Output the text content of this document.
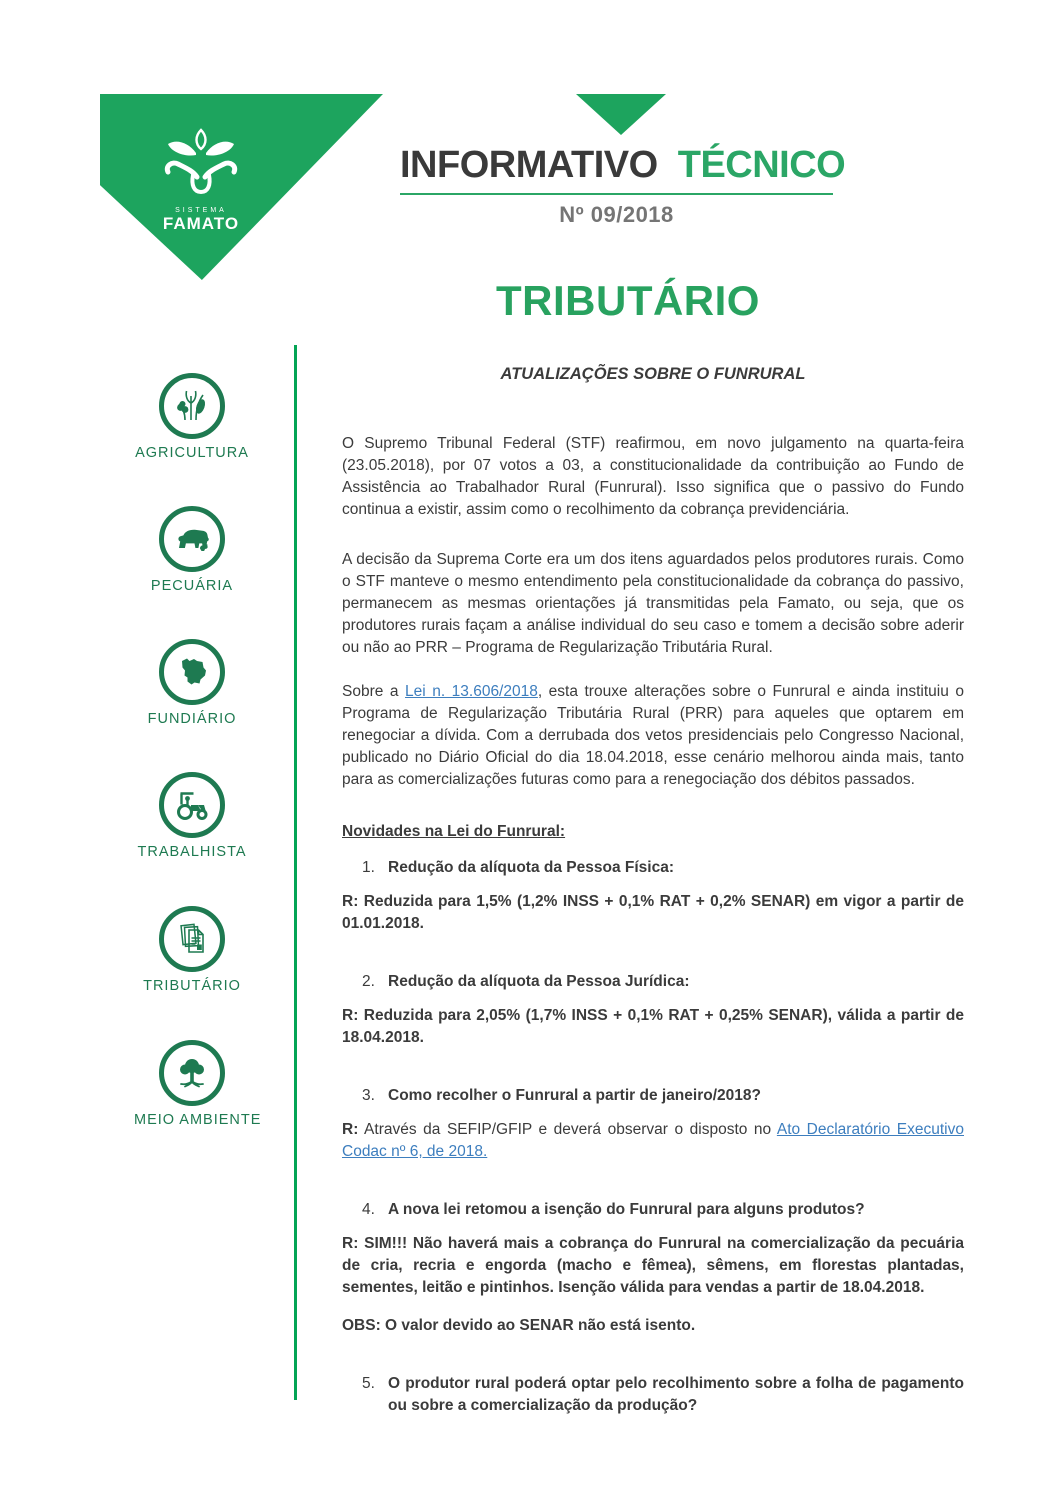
SISTEMA
FAMATO
INFORMATIVO TÉCNICO
Nº 09/2018
TRIBUTÁRIO
AGRICULTURA
PECUÁRIA
FUNDIÁRIO
TRABALHISTA
TRIBUTÁRIO
MEIO AMBIENTE
ATUALIZAÇÕES SOBRE O FUNRURAL

O Supremo Tribunal Federal (STF) reafirmou, em novo julgamento na quarta-feira (23.05.2018), por 07 votos a 03, a constitucionalidade da contribuição ao Fundo de Assistência ao Trabalhador Rural (Funrural). Isso significa que o passivo do Fundo continua a existir, assim como o recolhimento da cobrança previdenciária.

A decisão da Suprema Corte era um dos itens aguardados pelos produtores rurais. Como o STF manteve o mesmo entendimento pela constitucionalidade da cobrança do passivo, permanecem as mesmas orientações já transmitidas pela Famato, ou seja, que os produtores rurais façam a análise individual do seu caso e tomem a decisão sobre aderir ou não ao PRR – Programa de Regularização Tributária Rural.

Sobre a Lei n. 13.606/2018, esta trouxe alterações sobre o Funrural e ainda instituiu o Programa de Regularização Tributária Rural (PRR) para aqueles que optarem em renegociar a dívida. Com a derrubada dos vetos presidenciais pelo Congresso Nacional, publicado no Diário Oficial do dia 18.04.2018, esse cenário melhorou ainda mais, tanto para as comercializações futuras como para a renegociação dos débitos passados.

Novidades na Lei do Funrural:
1. Redução da alíquota da Pessoa Física:

R: Reduzida para 1,5% (1,2% INSS + 0,1% RAT + 0,2% SENAR) em vigor a partir de 01.01.2018.

2. Redução da alíquota da Pessoa Jurídica:

R: Reduzida para 2,05% (1,7% INSS + 0,1% RAT + 0,25% SENAR), válida a partir de 18.04.2018.

3. Como recolher o Funrural a partir de janeiro/2018?

R: Através da SEFIP/GFIP e deverá observar o disposto no Ato Declaratório Executivo Codac nº 6, de 2018.

4. A nova lei retomou a isenção do Funrural para alguns produtos?

R: SIM!!! Não haverá mais a cobrança do Funrural na comercialização da pecuária de cria, recria e engorda (macho e fêmea), sêmens, em florestas plantadas, sementes, leitão e pintinhos. Isenção válida para vendas a partir de 18.04.2018.

OBS: O valor devido ao SENAR não está isento.

5. O produtor rural poderá optar pelo recolhimento sobre a folha de pagamento ou sobre a comercialização da produção?
